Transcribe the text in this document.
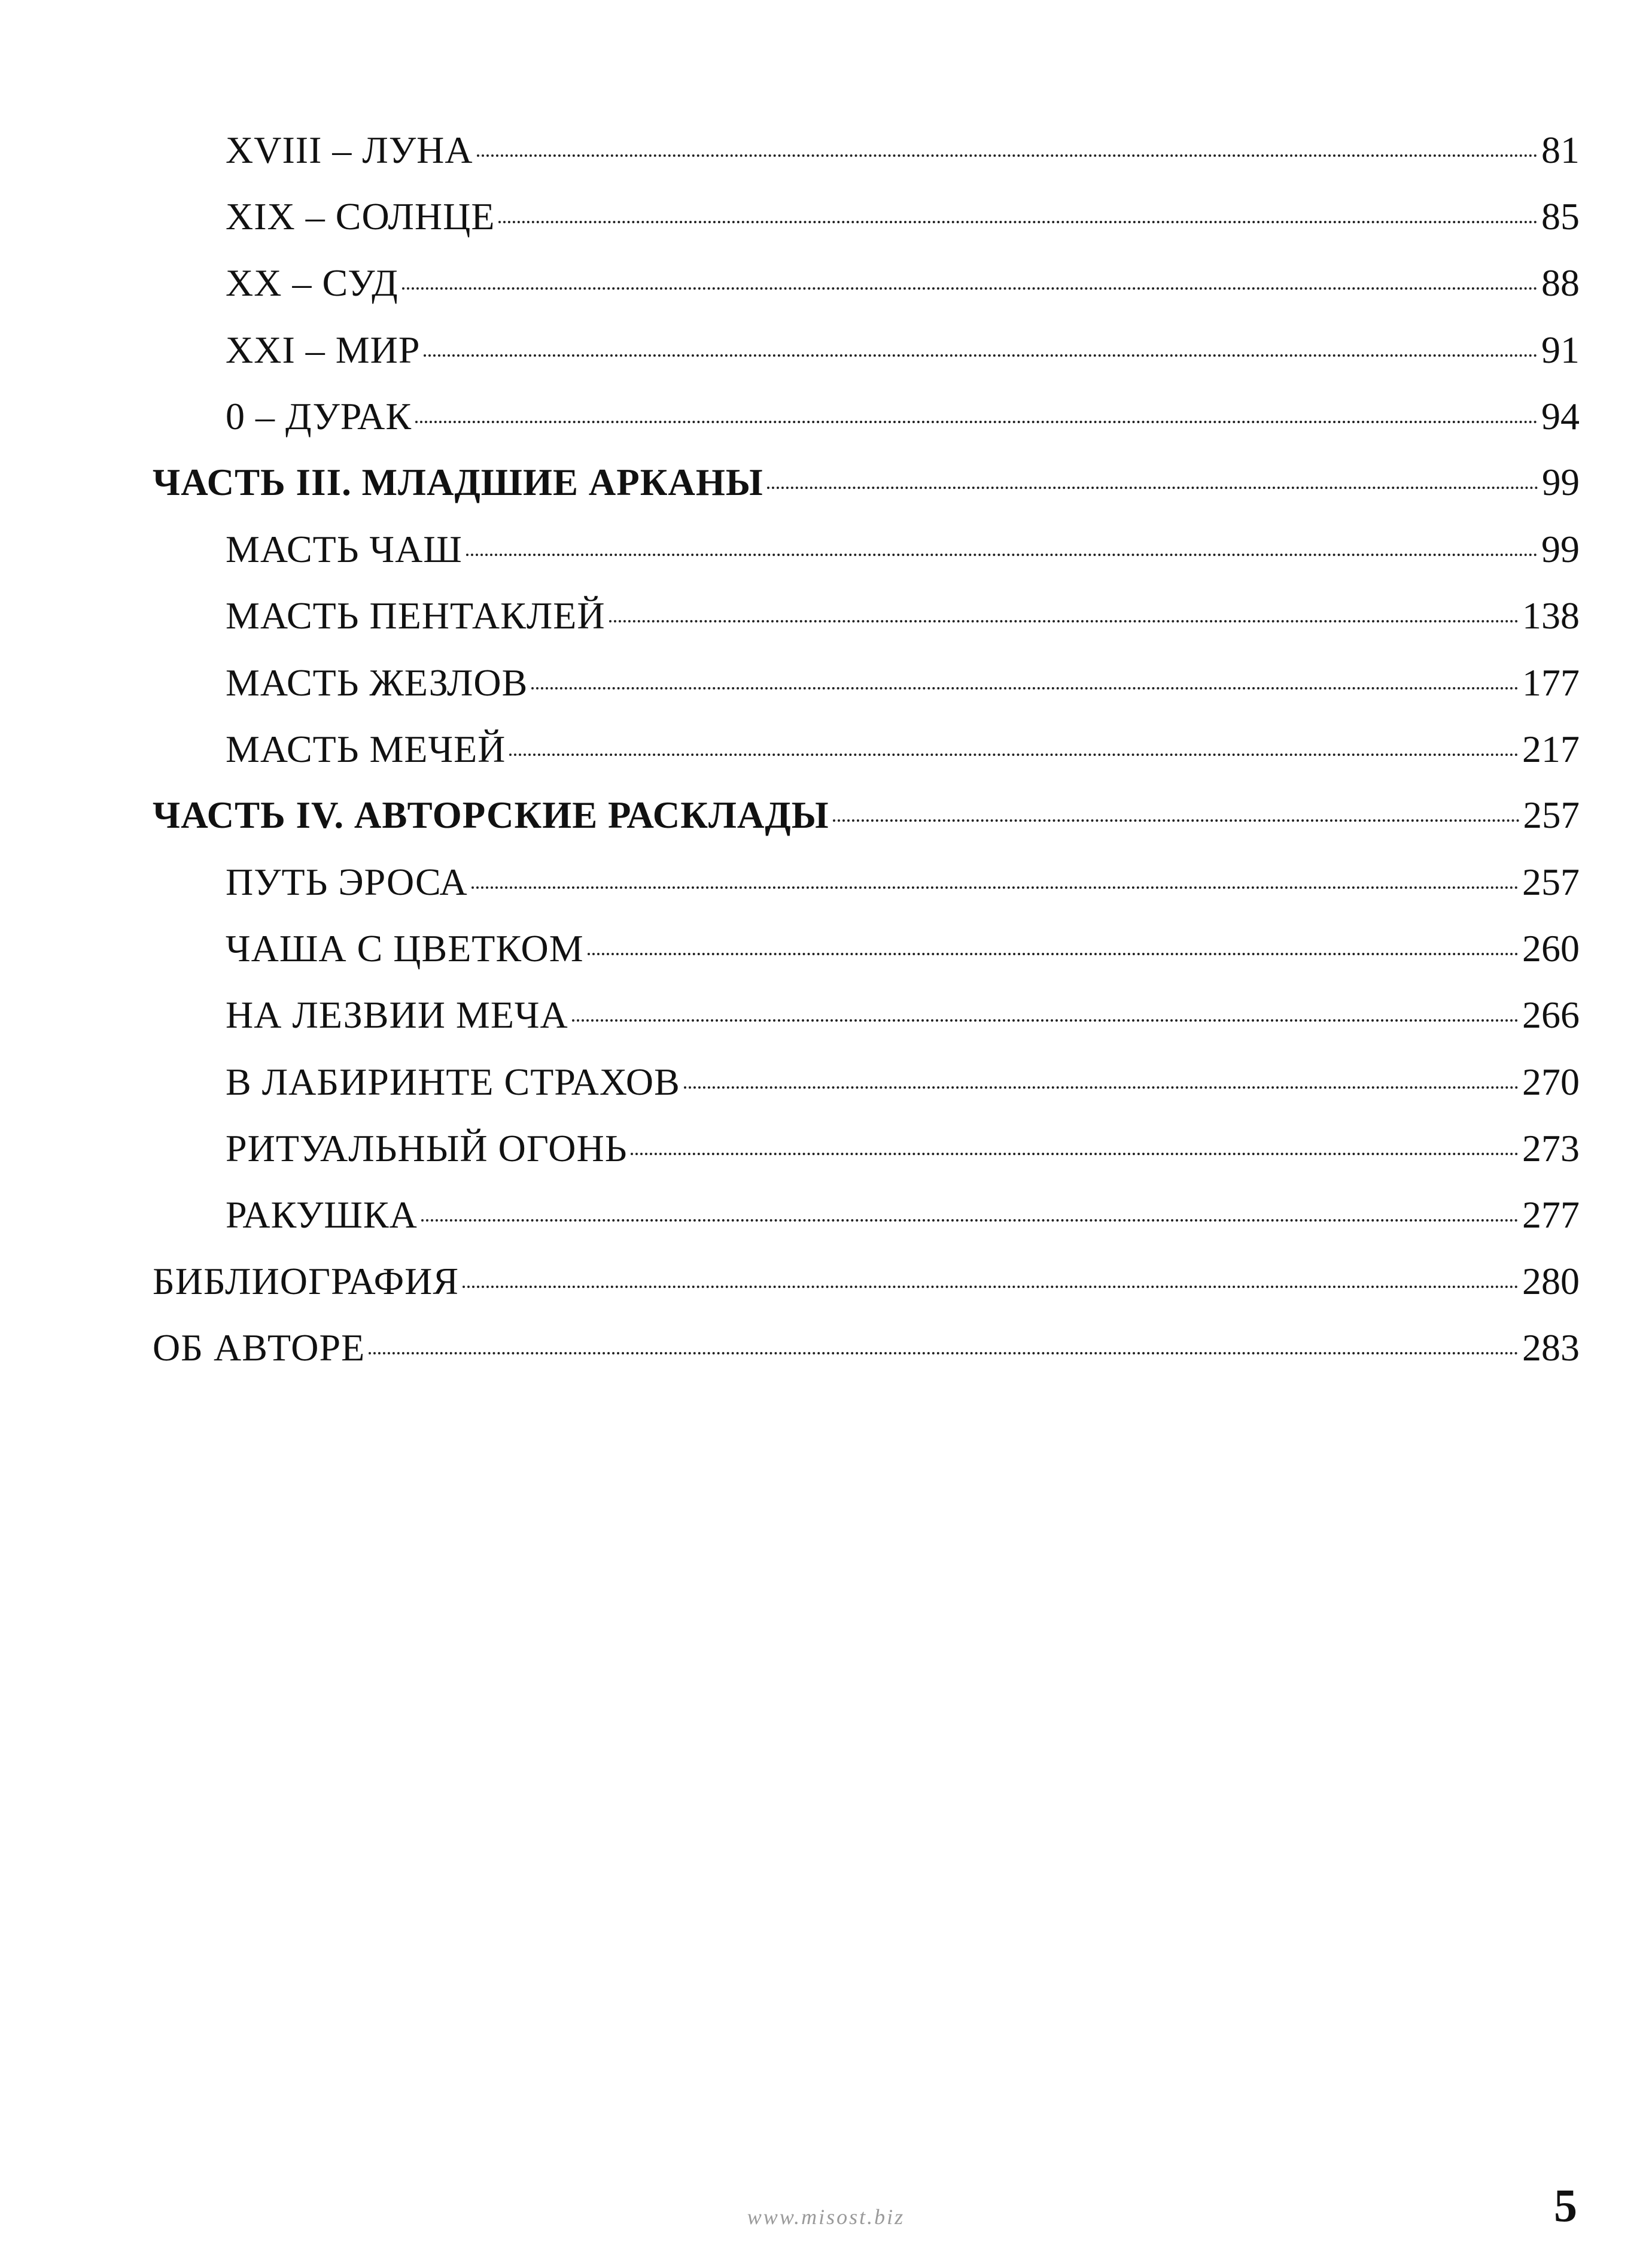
XVIII – ЛУНА	81
XIX – СОЛНЦЕ	85
XX – СУД	88
XXI – МИР	91
0 – ДУРАК	94
ЧАСТЬ III. МЛАДШИЕ АРКАНЫ	99
МАСТЬ ЧАШ	99
МАСТЬ ПЕНТАКЛЕЙ	138
МАСТЬ ЖЕЗЛОВ	177
МАСТЬ МЕЧЕЙ	217
ЧАСТЬ IV. АВТОРСКИЕ РАСКЛАДЫ	257
ПУТЬ ЭРОСА	257
ЧАША С ЦВЕТКОМ	260
НА ЛЕЗВИИ МЕЧА	266
В ЛАБИРИНТЕ СТРАХОВ	270
РИТУАЛЬНЫЙ ОГОНЬ	273
РАКУШКА	277
БИБЛИОГРАФИЯ	280
ОБ АВТОРЕ	283
www.misost.biz	5
